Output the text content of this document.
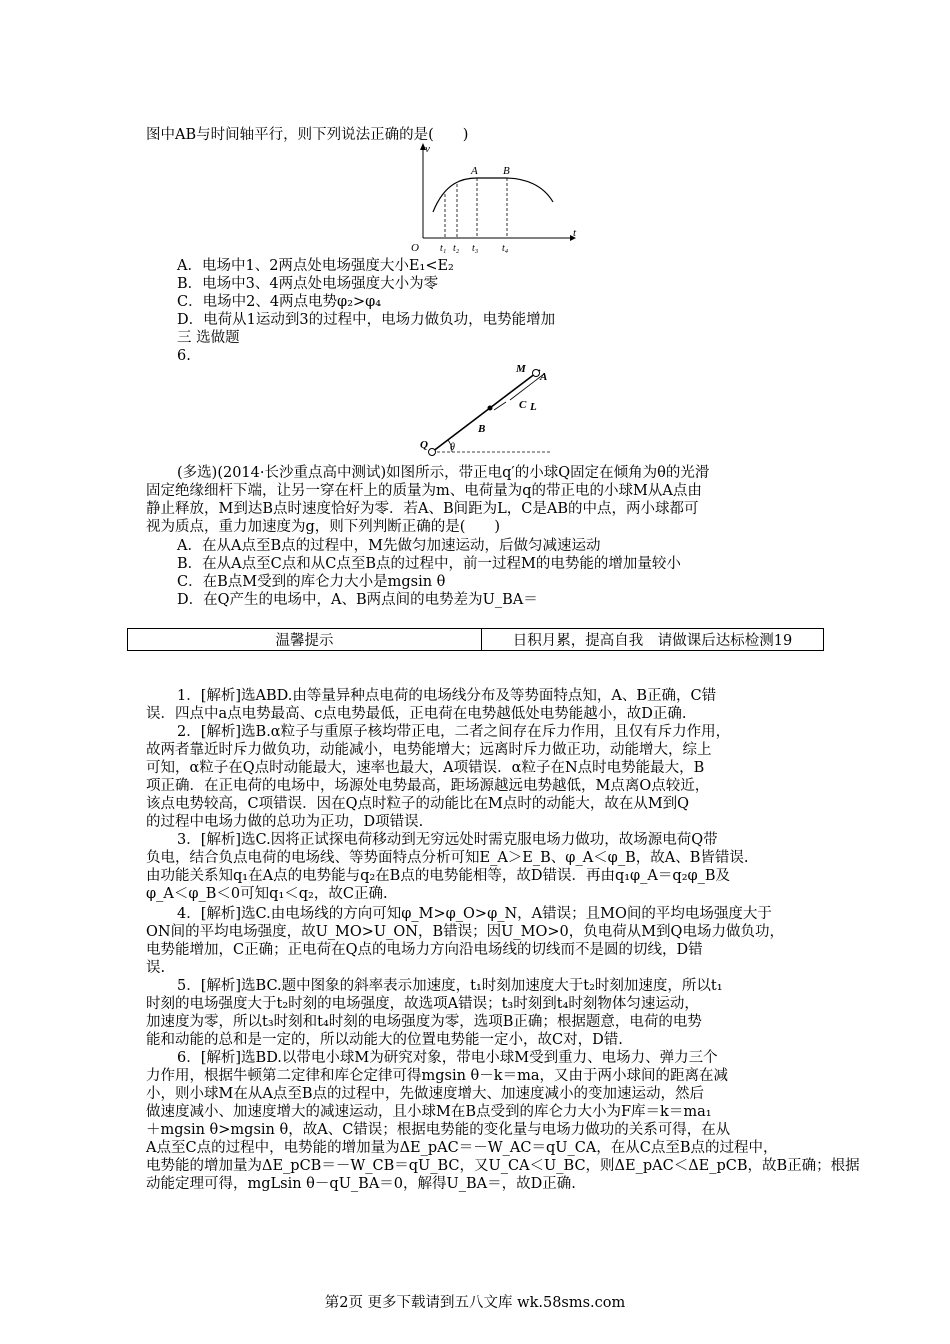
图中AB与时间轴平行，则下列说法正确的是(　　)
v
t
O
A B
t₁ t₂ t₃ t₄
A．电场中1、2两点处电场强度大小E₁<E₂
B．电场中3、4两点处电场强度大小为零
C．电场中2、4两点电势φ₂>φ₄
D．电荷从1运动到3的过程中，电场力做负功，电势能增加
三 选做题
6.
M
A
C L
B
Q θ
(多选)(2014·长沙重点高中测试)如图所示，带正电q′的小球Q固定在倾角为θ的光滑
固定绝缘细杆下端，让另一穿在杆上的质量为m、电荷量为q的带正电的小球M从A点由
静止释放，M到达B点时速度恰好为零．若A、B间距为L，C是AB的中点，两小球都可
视为质点，重力加速度为g，则下列判断正确的是(　　)
A．在从A点至B点的过程中，M先做匀加速运动，后做匀减速运动
B．在从A点至C点和从C点至B点的过程中，前一过程M的电势能的增加量较小
C．在B点M受到的库仑力大小是mgsin θ
D．在Q产生的电场中，A、B两点间的电势差为U_BA＝
温馨提示	日积月累，提高自我　请做课后达标检测19
1．[解析]选ABD.由等量异种点电荷的电场线分布及等势面特点知，A、B正确，C错
误．四点中a点电势最高、c点电势最低，正电荷在电势越低处电势能越小，故D正确.
2．[解析]选B.α粒子与重原子核均带正电，二者之间存在斥力作用，且仅有斥力作用，
故两者靠近时斥力做负功，动能减小，电势能增大；远离时斥力做正功，动能增大，综上
可知，α粒子在Q点时动能最大，速率也最大，A项错误．α粒子在N点时电势能最大，B
项正确．在正电荷的电场中，场源处电势最高，距场源越远电势越低，M点离O点较近，
该点电势较高，C项错误．因在Q点时粒子的动能比在M点时的动能大，故在从M到Q
的过程中电场力做的总功为正功，D项错误.
3．[解析]选C.因将正试探电荷移动到无穷远处时需克服电场力做功，故场源电荷Q带
负电，结合负点电荷的电场线、等势面特点分析可知E_A＞E_B、φ_A＜φ_B，故A、B皆错误.
由功能关系知q₁在A点的电势能与q₂在B点的电势能相等，故D错误．再由q₁φ_A＝q₂φ_B及
φ_A＜φ_B＜0可知q₁＜q₂，故C正确.
4．[解析]选C.由电场线的方向可知φ_M>φ_O>φ_N，A错误；且MO间的平均电场强度大于
ON间的平均电场强度，故U_MO>U_ON，B错误；因U_MO>0，负电荷从M到Q电场力做负功，
电势能增加，C正确；正电荷在Q点的电场力方向沿电场线的切线而不是圆的切线，D错
误.
5．[解析]选BC.题中图象的斜率表示加速度，t₁时刻加速度大于t₂时刻加速度，所以t₁
时刻的电场强度大于t₂时刻的电场强度，故选项A错误；t₃时刻到t₄时刻物体匀速运动，
加速度为零，所以t₃时刻和t₄时刻的电场强度为零，选项B正确；根据题意，电荷的电势
能和动能的总和是一定的，所以动能大的位置电势能一定小，故C对，D错.
6．[解析]选BD.以带电小球M为研究对象，带电小球M受到重力、电场力、弹力三个
力作用，根据牛顿第二定律和库仑定律可得mgsin θ－k＝ma，又由于两小球间的距离在减
小，则小球M在从A点至B点的过程中，先做速度增大、加速度减小的变加速运动，然后
做速度减小、加速度增大的减速运动，且小球M在B点受到的库仑力大小为F库＝k＝ma₁
＋mgsin θ>mgsin θ，故A、C错误；根据电势能的变化量与电场力做功的关系可得，在从
A点至C点的过程中，电势能的增加量为ΔE_pAC＝－W_AC＝qU_CA，在从C点至B点的过程中，
电势能的增加量为ΔE_pCB＝－W_CB＝qU_BC，又U_CA＜U_BC，则ΔE_pAC＜ΔE_pCB，故B正确；根据
动能定理可得，mgLsin θ－qU_BA＝0，解得U_BA＝，故D正确.
第2页 更多下载请到五八文库 wk.58sms.com
